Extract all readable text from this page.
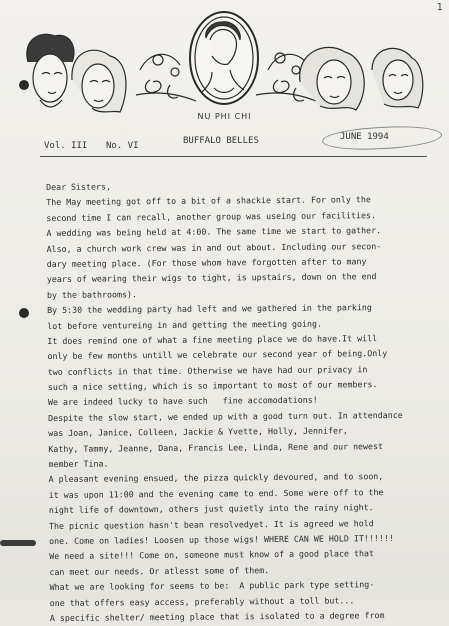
1
NU PHI CHI
Vol. III No. VI	BUFFALO BELLES	JUNE 1994
Dear Sisters,
The May meeting got off to a bit of a shackie start. For only the
second time I can recall, another group was useing our facilities.
A wedding was being held at 4:00. The same time we start to gather.
Also, a church work crew was in and out about. Including our secon-
dary meeting place. (For those whom have forgotten after to many
years of wearing their wigs to tight, is upstairs, down on the end
by the bathrooms).
By 5:30 the wedding party had left and we gathered in the parking
lot before ventureing in and getting the meeting going.
It does remind one of what a fine meeting place we do have.It will
only be few months untill we celebrate our second year of being.Only
two conflicts in that time. Otherwise we have had our privacy in
such a nice setting, which is so important to most of our members.
We are indeed lucky to have such   fine accomodations!
Despite the slow start, we ended up with a good turn out. In attendance
was Joan, Janice, Colleen, Jackie & Yvette, Holly, Jennifer,
Kathy, Tammy, Jeanne, Dana, Francis Lee, Linda, Rene and our newest
member Tina.
A pleasant evening ensued, the pizza quickly devoured, and to soon,
it was upon 11:00 and the evening came to end. Some were off to the
night life of downtown, others just quietly into the rainy night.
The picnic question hasn't bean resolvedyet. It is agreed we hold
one. Come on ladies! Loosen up those wigs! WHERE CAN WE HOLD IT!!!!!!
We need a site!!! Come on, someone must know of a good place that
can meet our needs. Or atlesst some of them.
What we are looking for seems to be:  A public park type setting-
one that offers easy access, preferably without a toll but...
A specific shelter/ meeting place that is isolated to a degree from
